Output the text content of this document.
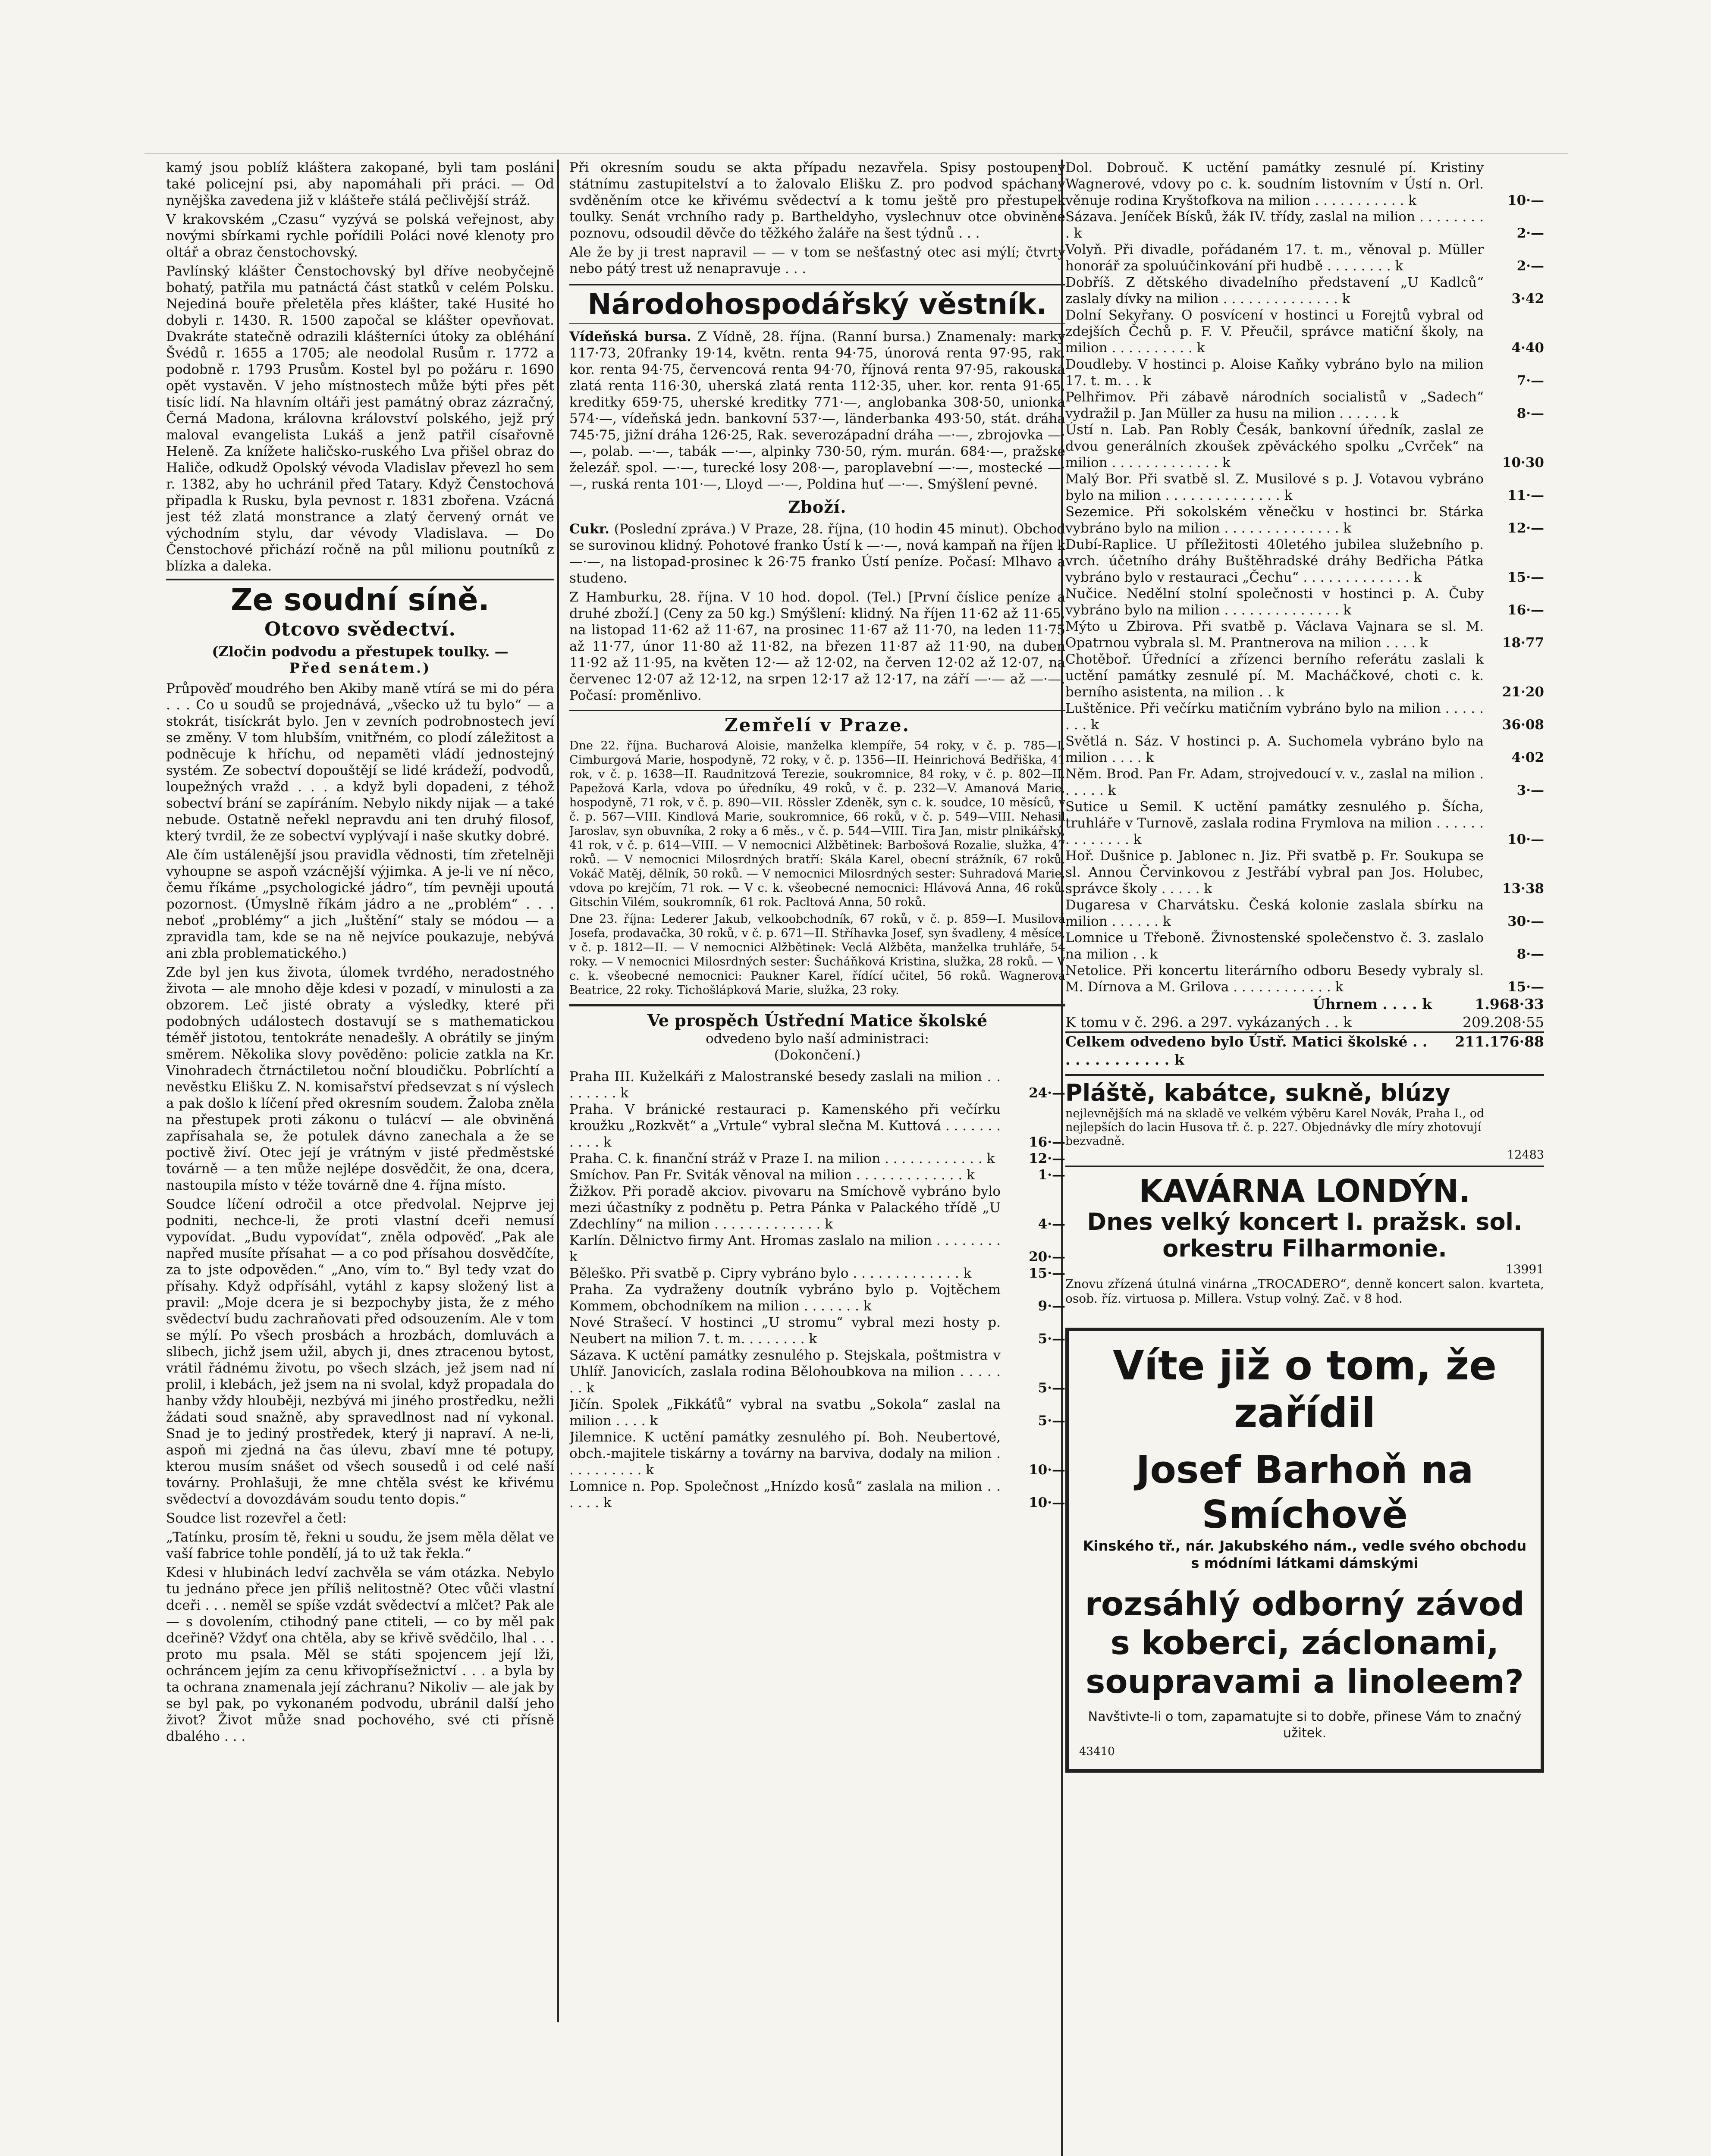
kamý jsou poblíž kláštera zakopané, byli tam posláni také policejní psi, aby napomáhali při práci. — Od nynějška zavedena již v klášteře stálá pečlivější stráž.

V krakovském „Czasu“ vyzývá se polská veřejnost, aby novými sbírkami rychle pořídili Poláci nové klenoty pro oltář a obraz čenstochovský.

Pavlínský klášter Čenstochovský byl dříve neobyčejně bohatý, patřila mu patnáctá část statků v celém Polsku. Nejediná bouře přeletěla přes klášter, také Husité ho dobyli r. 1430. R. 1500 započal se klášter opevňovat. Dvakráte statečně odrazili klášterníci útoky za obléhání Švédů r. 1655 a 1705; ale neodolal Rusům r. 1772 a podobně r. 1793 Prusům. Kostel byl po požáru r. 1690 opět vystavěn. V jeho místnostech může býti přes pět tisíc lidí. Na hlavním oltáři jest památný obraz zázračný, Černá Madona, královna království polského, jejž prý maloval evangelista Lukáš a jenž patřil císařovně Heleně. Za knížete haličsko-ruského Lva přišel obraz do Haliče, odkudž Opolský vévoda Vladislav převezl ho sem r. 1382, aby ho uchránil před Tatary. Když Čenstochová připadla k Rusku, byla pevnost r. 1831 zbořena. Vzácná jest též zlatá monstrance a zlatý červený ornát ve východním stylu, dar vévody Vladislava. — Do Čenstochové přichází ročně na půl milionu poutníků z blízka a daleka.

Ze soudní síně.
Otcovo svědectví.
(Zločin podvodu a přestupek toulky. —
Před senátem.)

Průpověď moudrého ben Akiby maně vtírá se mi do péra . . . Co u soudů se projednává, „všecko už tu bylo“ — a stokrát, tisíckrát bylo. Jen v zevních podrobnostech jeví se změny. V tom hlubším, vnitřném, co plodí záležitost a podněcuje k hříchu, od nepaměti vládí jednostejný systém. Ze sobectví dopouštějí se lidé krádeží, podvodů, loupežných vražd . . . a když byli dopadeni, z téhož sobectví brání se zapíráním. Nebylo nikdy nijak — a také nebude. Ostatně neřekl nepravdu ani ten druhý filosof, který tvrdil, že ze sobectví vyplývají i naše skutky dobré.

Ale čím ustálenější jsou pravidla vědnosti, tím zřetelněji vyhoupne se aspoň vzácnější výjimka. A je-li ve ní něco, čemu říkáme „psychologické jádro“, tím pevněji upoutá pozornost. (Úmyslně říkám jádro a ne „problém“ . . . neboť „problémy“ a jich „luštění“ staly se módou — a zpravidla tam, kde se na ně nejvíce poukazuje, nebývá ani zbla problematického.)

Zde byl jen kus života, úlomek tvrdého, neradostného života — ale mnoho děje kdesi v pozadí, v minulosti a za obzorem. Leč jisté obraty a výsledky, které při podobných událostech dostavují se s mathematickou téměř jistotou, tentokráte nenadešly. A obrátily se jiným směrem. Několika slovy pověděno: policie zatkla na Kr. Vinohradech čtrnáctiletou noční bloudičku. Pobrlíchtí a nevěstku Elišku Z. N. komisařství předsevzat s ní výslech a pak došlo k líčení před okresním soudem. Žaloba zněla na přestupek proti zákonu o tulácví — ale obviněná zapřísahala se, že potulek dávno zanechala a že se poctivě živí. Otec její je vrátným v jisté předměstské továrně — a ten může nejlépe dosvědčit, že ona, dcera, nastoupila místo v téže továrně dne 4. října místo.

Soudce líčení odročil a otce předvolal. Nejprve jej podniti, nechce-li, že proti vlastní dceři nemusí vypovídat. „Budu vypovídat“, zněla odpověď. „Pak ale napřed musíte přísahat — a co pod přísahou dosvědčíte, za to jste odpověden.“ „Ano, vím to.“ Byl tedy vzat do přísahy. Když odpřísáhl, vytáhl z kapsy složený list a pravil: „Moje dcera je si bezpochyby jista, že z mého svědectví budu zachraňovati před odsouzením. Ale v tom se mýlí. Po všech prosbách a hrozbách, domluvách a slibech, jichž jsem užil, abych ji, dnes ztracenou bytost, vrátil řádnému životu, po všech slzách, jež jsem nad ní prolil, i klebách, jež jsem na ni svolal, když propadala do hanby vždy hlouběji, nezbývá mi jiného prostředku, nežli žádati soud snažně, aby spravedlnost nad ní vykonal. Snad je to jediný prostředek, který ji napraví. A ne-li, aspoň mi zjedná na čas úlevu, zbaví mne té potupy, kterou musím snášet od všech sousedů i od celé naší továrny. Prohlašuji, že mne chtěla svést ke křivému svědectví a dovozdávám soudu tento dopis.“

Soudce list rozevřel a četl:

„Tatínku, prosím tě, řekni u soudu, že jsem měla dělat ve vaší fabrice tohle pondělí, já to už tak řekla.“

Kdesi v hlubinách ledví zachvěla se vám otázka. Nebylo tu jednáno přece jen příliš nelitostně? Otec vůči vlastní dceři . . . neměl se spíše vzdát svědectví a mlčet? Pak ale — s dovolením, ctihodný pane ctiteli, — co by měl pak dceřině? Vždyť ona chtěla, aby se křivě svědčilo, lhal . . . proto mu psala. Měl se státi spojencem její lži, ochráncem jejím za cenu křivopřísežnictví . . . a byla by ta ochrana znamenala její záchranu? Nikoliv — ale jak by se byl pak, po vykonaném podvodu, ubránil další jeho život? Život může snad pochového, své cti přísně dbalého . . .

Při okresním soudu se akta případu nezavřela. Spisy postoupeny státnímu zastupitelství a to žalovalo Elišku Z. pro podvod spáchaný svděněním otce ke křivému svědectví a k tomu ještě pro přestupek toulky. Senát vrchního rady p. Bartheldyho, vyslechnuv otce obviněné poznovu, odsoudil děvče do těžkého žaláře na šest týdnů . . .

Ale že by ji trest napravil — — v tom se nešťastný otec asi mýlí; čtvrtý nebo pátý trest už nenapravuje . . .

Národohospodářský věstník.

Vídeňská bursa. Z Vídně, 28. října. (Ranní bursa.) Znamenaly: marky 117·73, 20franky 19·14, květn. renta 94·75, únorová renta 97·95, rak. kor. renta 94·75, červencová renta 94·70, říjnová renta 97·95, rakouská zlatá renta 116·30, uherská zlatá renta 112·35, uher. kor. renta 91·65, kreditky 659·75, uherské kreditky 771·—, anglobanka 308·50, unionka 574·—, vídeňská jedn. bankovní 537·—, länderbanka 493·50, stát. dráha 745·75, jižní dráha 126·25, Rak. severozápadní dráha —·—, zbrojovka —·—, polab. —·—, tabák —·—, alpinky 730·50, rým. murán. 684·—, pražské železář. spol. —·—, turecké losy 208·—, paroplavební —·—, mostecké —·—, ruská renta 101·—, Lloyd —·—, Poldina huť —·—. Smýšlení pevné.

Zboží.

Cukr. (Poslední zpráva.) V Praze, 28. října, (10 hodin 45 minut). Obchod se surovinou klidný. Pohotové franko Ústí k —·—, nová kampaň na říjen k —·—, na listopad-prosinec k 26·75 franko Ústí peníze. Počasí: Mlhavo a studeno.

Z Hamburku, 28. října. V 10 hod. dopol. (Tel.) [První číslice peníze a druhé zboží.] (Ceny za 50 kg.) Smýšlení: klidný. Na říjen 11·62 až 11·65, na listopad 11·62 až 11·67, na prosinec 11·67 až 11·70, na leden 11·75 až 11·77, únor 11·80 až 11·82, na březen 11·87 až 11·90, na duben 11·92 až 11·95, na květen 12·— až 12·02, na červen 12·02 až 12·07, na červenec 12·07 až 12·12, na srpen 12·17 až 12·17, na září —·— až —·—. Počasí: proměnlivo.

Zemřelí v Praze.

Dne 22. října. Bucharová Aloisie, manželka klempíře, 54 roky, v č. p. 785—I. Cimburgová Marie, hospodyně, 72 roky, v č. p. 1356—II. Heinrichová Bedřiška, 41 rok, v č. p. 1638—II. Raudnitzová Terezie, soukromnice, 84 roky, v č. p. 802—II. Papežová Karla, vdova po úředníku, 49 roků, v č. p. 232—V. Amanová Marie, hospodyně, 71 rok, v č. p. 890—VII. Rössler Zdeněk, syn c. k. soudce, 10 měsíců, v č. p. 567—VIII. Kindlová Marie, soukromnice, 66 roků, v č. p. 549—VIII. Nehasil Jaroslav, syn obuvníka, 2 roky a 6 měs., v č. p. 544—VIII. Tira Jan, mistr plnikářský, 41 rok, v č. p. 614—VIII. — V nemocnici Alžbětinek: Barbošová Rozalie, služka, 47 roků. — V nemocnici Milosrdných bratří: Skála Karel, obecní strážník, 67 roků. Vokáč Matěj, dělník, 50 roků. — V nemocnici Milosrdných sester: Suhradová Marie, vdova po krejčím, 71 rok. — V c. k. všeobecné nemocnici: Hlávová Anna, 46 roků. Gitschin Vilém, soukromník, 61 rok. Pacltová Anna, 50 roků.

Dne 23. října: Lederer Jakub, velkoobchodník, 67 roků, v č. p. 859—I. Musilová Josefa, prodavačka, 30 roků, v č. p. 671—II. Stříhavka Josef, syn švadleny, 4 měsíce, v č. p. 1812—II. — V nemocnici Alžbětinek: Veclá Alžběta, manželka truhláře, 54 roky. — V nemocnici Milosrdných sester: Šucháňková Kristina, služka, 28 roků. — V c. k. všeobecné nemocnici: Paukner Karel, řídící učitel, 56 roků. Wagnerová Beatrice, 22 roky. Tichošlápková Marie, služka, 23 roky.

Ve prospěch Ústřední Matice školské
odvedeno bylo naší administraci:
(Dokončení.)
Praha III. Kuželkáři z Malostranské besedy zaslali na milion . . . . . . . . k	24·—
Praha. V bránické restauraci p. Kamenského při večírku kroužku „Rozkvět“ a „Vrtule“ vybral slečna M. Kuttová . . . . . . . . . . . k	16·—
Praha. C. k. finanční stráž v Praze I. na milion . . . . . . . . . . . . k	12·—
Smíchov. Pan Fr. Sviták věnoval na milion . . . . . . . . . . . . . k	1·—
Žižkov. Při poradě akciov. pivovaru na Smíchově vybráno bylo mezi účastníky z podnětu p. Petra Pánka v Palackého třídě „U Zdechlíny“ na milion . . . . . . . . . . . . . k	4·—
Karlín. Dělnictvo firmy Ant. Hromas zaslalo na milion . . . . . . . . k	20·—
Běleško. Při svatbě p. Cipry vybráno bylo . . . . . . . . . . . . . k	15·—
Praha. Za vydraženy doutník vybráno bylo p. Vojtěchem Kommem, obchodníkem na milion . . . . . . . k	9·—
Nové Strašecí. V hostinci „U stromu“ vybral mezi hosty p. Neubert na milion 7. t. m. . . . . . . . k	5·—
Sázava. K uctění památky zesnulého p. Stejskala, poštmistra v Uhlíř. Janovicích, zaslala rodina Bělohoubkova na milion . . . . . . . k	5·—
Jičín. Spolek „Fikkáťů“ vybral na svatbu „Sokola“ zaslal na milion . . . . k	5·—
Jilemnice. K uctění památky zesnulého pí. Boh. Neubertové, obch.-majitele tiskárny a továrny na barviva, dodaly na milion . . . . . . . . . . k	10·—
Lomnice n. Pop. Společnost „Hnízdo kosů“ zaslala na milion . . . . . . k	10·—
Dol. Dobrouč. K uctění památky zesnulé pí. Kristiny Wagnerové, vdovy po c. k. soudním listovním v Ústí n. Orl. věnuje rodina Kryštofkova na milion . . . . . . . . . . . k	10·—
Sázava. Jeníček Bísků, žák IV. třídy, zaslal na milion . . . . . . . . . k	2·—
Volyň. Při divadle, pořádaném 17. t. m., věnoval p. Müller honorář za spoluúčinkování při hudbě . . . . . . . . k	2·—
Dobříš. Z dětského divadelního představení „U Kadlců“ zaslaly dívky na milion . . . . . . . . . . . . . . k	3·42
Dolní Sekyřany. O posvícení v hostinci u Forejtů vybral od zdejších Čechů p. F. V. Přeučil, správce matiční školy, na milion . . . . . . . . . . k	4·40
Doudleby. V hostinci p. Aloise Kaňky vybráno bylo na milion 17. t. m. . . k	7·—
Pelhřimov. Při zábavě národních socialistů v „Sadech“ vydražil p. Jan Müller za husu na milion . . . . . . k	8·—
Ústí n. Lab. Pan Robly Česák, bankovní úředník, zaslal ze dvou generálních zkoušek zpěváckého spolku „Cvrček“ na milion . . . . . . . . . . . . . k	10·30
Malý Bor. Při svatbě sl. Z. Musilové s p. J. Votavou vybráno bylo na milion . . . . . . . . . . . . . . k	11·—
Sezemice. Při sokolském věnečku v hostinci br. Stárka vybráno bylo na milion . . . . . . . . . . . . . . k	12·—
Dubí-Raplice. U příležitosti 40letého jubilea služebního p. vrch. účetního dráhy Buštěhradské dráhy Bedřicha Pátka vybráno bylo v restauraci „Čechu“ . . . . . . . . . . . . . k	15·—
Nučice. Nedělní stolní společnosti v hostinci p. A. Čuby vybráno bylo na milion . . . . . . . . . . . . . . k	16·—
Mýto u Zbirova. Při svatbě p. Václava Vajnara se sl. M. Opatrnou vybrala sl. M. Prantnerova na milion . . . . k	18·77
Chotěboř. Úřednící a zřízenci berního referátu zaslali k uctění památky zesnulé pí. M. Macháčkové, choti c. k. berního asistenta, na milion . . k	21·20
Luštěnice. Při večírku matičním vybráno bylo na milion . . . . . . . . k	36·08
Světlá n. Sáz. V hostinci p. A. Suchomela vybráno bylo na milion . . . . k	4·02
Něm. Brod. Pan Fr. Adam, strojvedoucí v. v., zaslal na milion . . . . . . k	3·—
Sutice u Semil. K uctění památky zesnulého p. Šícha, truhláře v Turnově, zaslala rodina Frymlova na milion . . . . . . . . . . . . . . k	10·—
Hoř. Dušnice p. Jablonec n. Jiz. Při svatbě p. Fr. Soukupa se sl. Annou Červinkovou z Jestřábí vybral pan Jos. Holubec, správce školy . . . . . k	13·38
Dugaresa v Charvátsku. Česká kolonie zaslala sbírku na milion . . . . . . k	30·—
Lomnice u Třeboně. Živnostenské společenstvo č. 3. zaslalo na milion . . k	8·—
Netolice. Při koncertu literárního odboru Besedy vybraly sl. M. Dírnova a M. Grilova . . . . . . . . . . . . k	15·—
Úhrnem . . . . k	1.968·33
K tomu v č. 296. a 297. vykázaných . . k	209.208·55
Celkem odvedeno bylo Ústř. Matici školské . . . . . . . . . . . . . k
211.176·88
Pláště, kabátce, sukně, blúzy
nejlevnějších má na skladě ve velkém výběru Karel Novák, Praha I., od nejlepších do lacin Husova tř. č. p. 227. Objednávky dle míry zhotovují bezvadně.
12483
KAVÁRNA LONDÝN.
Dnes velký koncert I. pražsk. sol. orkestru Filharmonie.
13991
Znovu zřízená útulná vinárna „TROCADERO“, denně koncert salon. kvarteta, osob. říz. virtuosa p. Millera. Vstup volný. Zač. v 8 hod.
Víte již o tom, že zařídil
Josef Barhoň na Smíchově
Kinského tř., nár. Jakubského nám., vedle svého obchodu s módními látkami dámskými
rozsáhlý odborný závod s koberci, záclonami, soupravami a linoleem?
Navštivte-li o tom, zapamatujte si to dobře, přinese Vám to značný užitek.
43410
